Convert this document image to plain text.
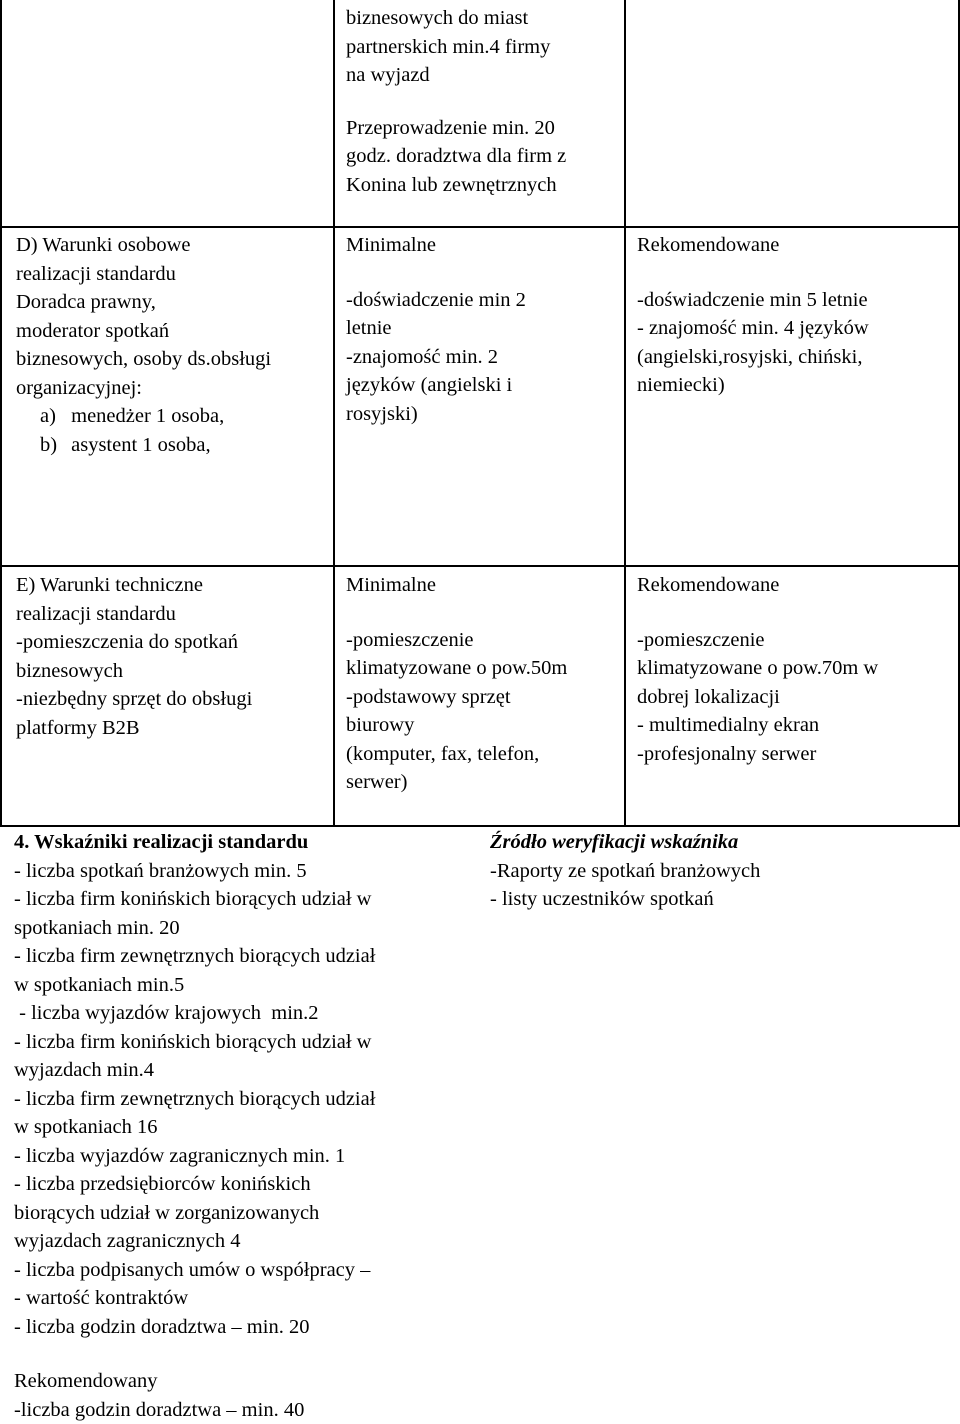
biznesowych do miast
partnerskich min.4 firmy
na wyjazd
Przeprowadzenie min. 20
godz. doradztwa dla firm z
Konina lub zewnętrznych
D) Warunki osobowe
realizacji standardu
Doradca prawny,
moderator spotkań
biznesowych, osoby ds.obsługi
organizacyjnej:
a) menedżer 1 osoba,
b) asystent 1 osoba,
Minimalne
-doświadczenie min 2
letnie
-znajomość min. 2
języków (angielski i
rosyjski)
Rekomendowane
-doświadczenie min 5 letnie
- znajomość min. 4 języków
(angielski,rosyjski, chiński,
niemiecki)
E) Warunki techniczne
realizacji standardu
-pomieszczenia do spotkań
biznesowych
-niezbędny sprzęt do obsługi
platformy B2B
Minimalne
-pomieszczenie
klimatyzowane o pow.50m
-podstawowy sprzęt
biurowy
(komputer, fax, telefon,
serwer)
Rekomendowane
-pomieszczenie
klimatyzowane o pow.70m w
dobrej lokalizacji
- multimedialny ekran
-profesjonalny serwer
4. Wskaźniki realizacji standardu
- liczba spotkań branżowych min. 5
- liczba firm konińskich biorących udział w
spotkaniach min. 20
- liczba firm zewnętrznych biorących udział
w spotkaniach min.5
- liczba wyjazdów krajowych  min.2
- liczba firm konińskich biorących udział w
wyjazdach min.4
- liczba firm zewnętrznych biorących udział
w spotkaniach 16
- liczba wyjazdów zagranicznych min. 1
- liczba przedsiębiorców konińskich
biorących udział w zorganizowanych
wyjazdach zagranicznych 4
- liczba podpisanych umów o współpracy –
- wartość kontraktów
- liczba godzin doradztwa – min. 20
Rekomendowany
-liczba godzin doradztwa – min. 40
Źródło weryfikacji wskaźnika
-Raporty ze spotkań branżowych
- listy uczestników spotkań
